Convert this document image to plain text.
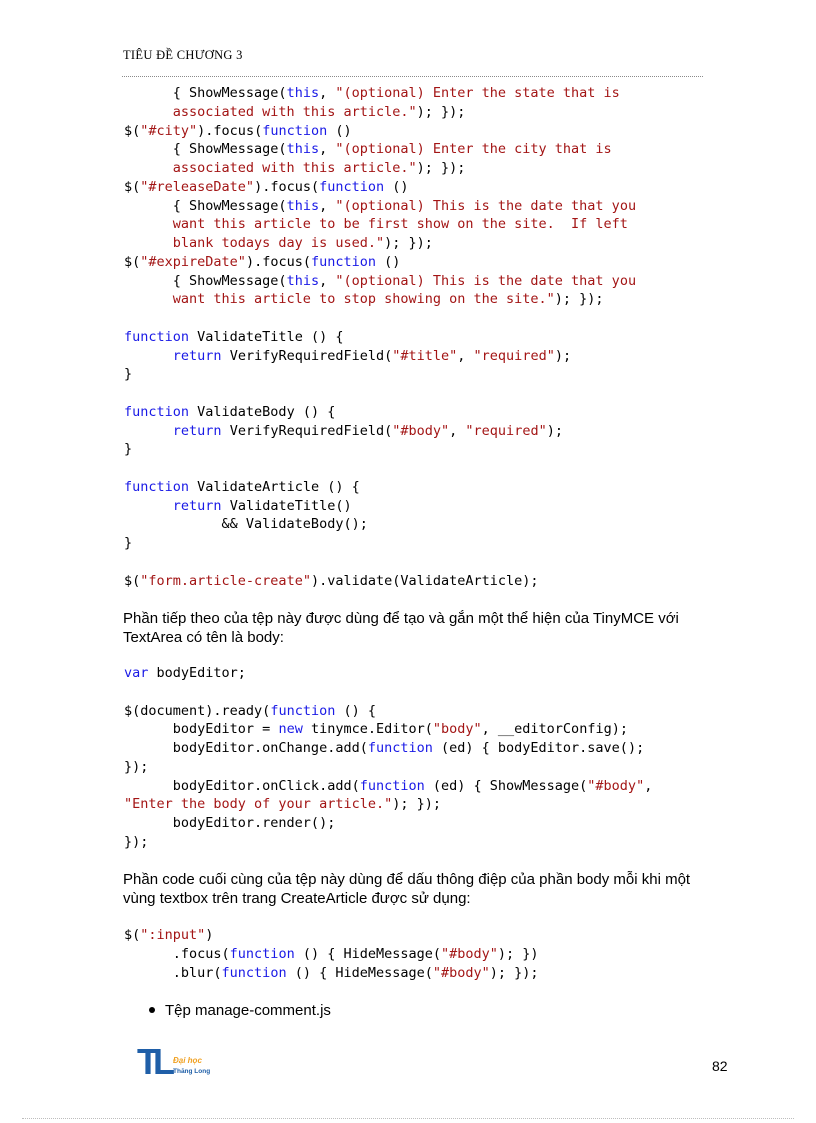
TIÊU ĐỀ CHƯƠNG 3
{ ShowMessage(this, "(optional) Enter the state that is
associated with this article."); });
$("#city").focus(function ()
{ ShowMessage(this, "(optional) Enter the city that is
associated with this article."); });
$("#releaseDate").focus(function ()
{ ShowMessage(this, "(optional) This is the date that you
want this article to be first show on the site.  If left
blank todays day is used."); });
$("#expireDate").focus(function ()
{ ShowMessage(this, "(optional) This is the date that you
want this article to stop showing on the site."); });

function ValidateTitle () {
return VerifyRequiredField("#title", "required");
}

function ValidateBody () {
return VerifyRequiredField("#body", "required");
}

function ValidateArticle () {
return ValidateTitle()
&& ValidateBody();
}

$("form.article-create").validate(ValidateArticle);

Phần tiếp theo của tệp này được dùng để tạo và gắn một thể hiện của TinyMCE với TextArea có tên là body:

var bodyEditor;

$(document).ready(function () {
bodyEditor = new tinymce.Editor("body", __editorConfig);
bodyEditor.onChange.add(function (ed) { bodyEditor.save();
});
bodyEditor.onClick.add(function (ed) { ShowMessage("#body",
"Enter the body of your article."); });
bodyEditor.render();
});

Phần code cuối cùng của tệp này dùng để dấu thông điệp của phần body mỗi khi một vùng textbox trên trang CreateArticle được sử dụng:

$(":input")
.focus(function () { HideMessage("#body"); })
.blur(function () { HideMessage("#body"); });

Tệp manage-comment.js
TL Đại học
Thăng Long	82
